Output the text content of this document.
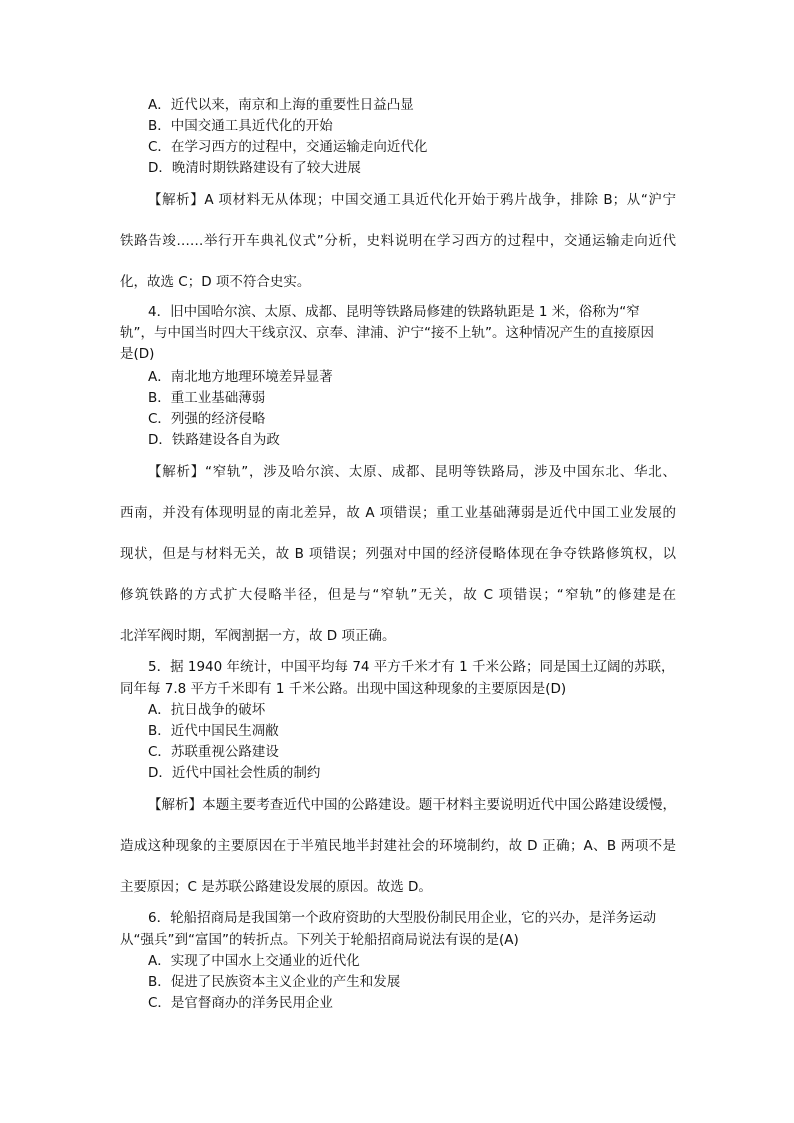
A．近代以来，南京和上海的重要性日益凸显
B．中国交通工具近代化的开始
C．在学习西方的过程中，交通运输走向近代化
D．晚清时期铁路建设有了较大进展
【解析】A 项材料无从体现；中国交通工具近代化开始于鸦片战争，排除 B；从“沪宁
铁路告竣……举行开车典礼仪式”分析，史料说明在学习西方的过程中，交通运输走向近代
化，故选 C；D 项不符合史实。
4．旧中国哈尔滨、太原、成都、昆明等铁路局修建的铁路轨距是 1 米，俗称为“窄
轨”，与中国当时四大干线京汉、京奉、津浦、沪宁“接不上轨”。这种情况产生的直接原因
是(D)
A．南北地方地理环境差异显著
B．重工业基础薄弱
C．列强的经济侵略
D．铁路建设各自为政
【解析】“窄轨”，涉及哈尔滨、太原、成都、昆明等铁路局，涉及中国东北、华北、
西南，并没有体现明显的南北差异，故 A 项错误；重工业基础薄弱是近代中国工业发展的
现状，但是与材料无关，故 B 项错误；列强对中国的经济侵略体现在争夺铁路修筑权，以
修筑铁路的方式扩大侵略半径，但是与“窄轨”无关，故 C 项错误；“窄轨”的修建是在
北洋军阀时期，军阀割据一方，故 D 项正确。
5．据 1940 年统计，中国平均每 74 平方千米才有 1 千米公路；同是国土辽阔的苏联，
同年每 7.8 平方千米即有 1 千米公路。出现中国这种现象的主要原因是(D)
A．抗日战争的破坏
B．近代中国民生凋敝
C．苏联重视公路建设
D．近代中国社会性质的制约
【解析】本题主要考查近代中国的公路建设。题干材料主要说明近代中国公路建设缓慢，
造成这种现象的主要原因在于半殖民地半封建社会的环境制约，故 D 正确；A、B 两项不是
主要原因；C 是苏联公路建设发展的原因。故选 D。
6．轮船招商局是我国第一个政府资助的大型股份制民用企业，它的兴办，是洋务运动
从“强兵”到“富国”的转折点。下列关于轮船招商局说法有误的是(A)
A．实现了中国水上交通业的近代化
B．促进了民族资本主义企业的产生和发展
C．是官督商办的洋务民用企业
